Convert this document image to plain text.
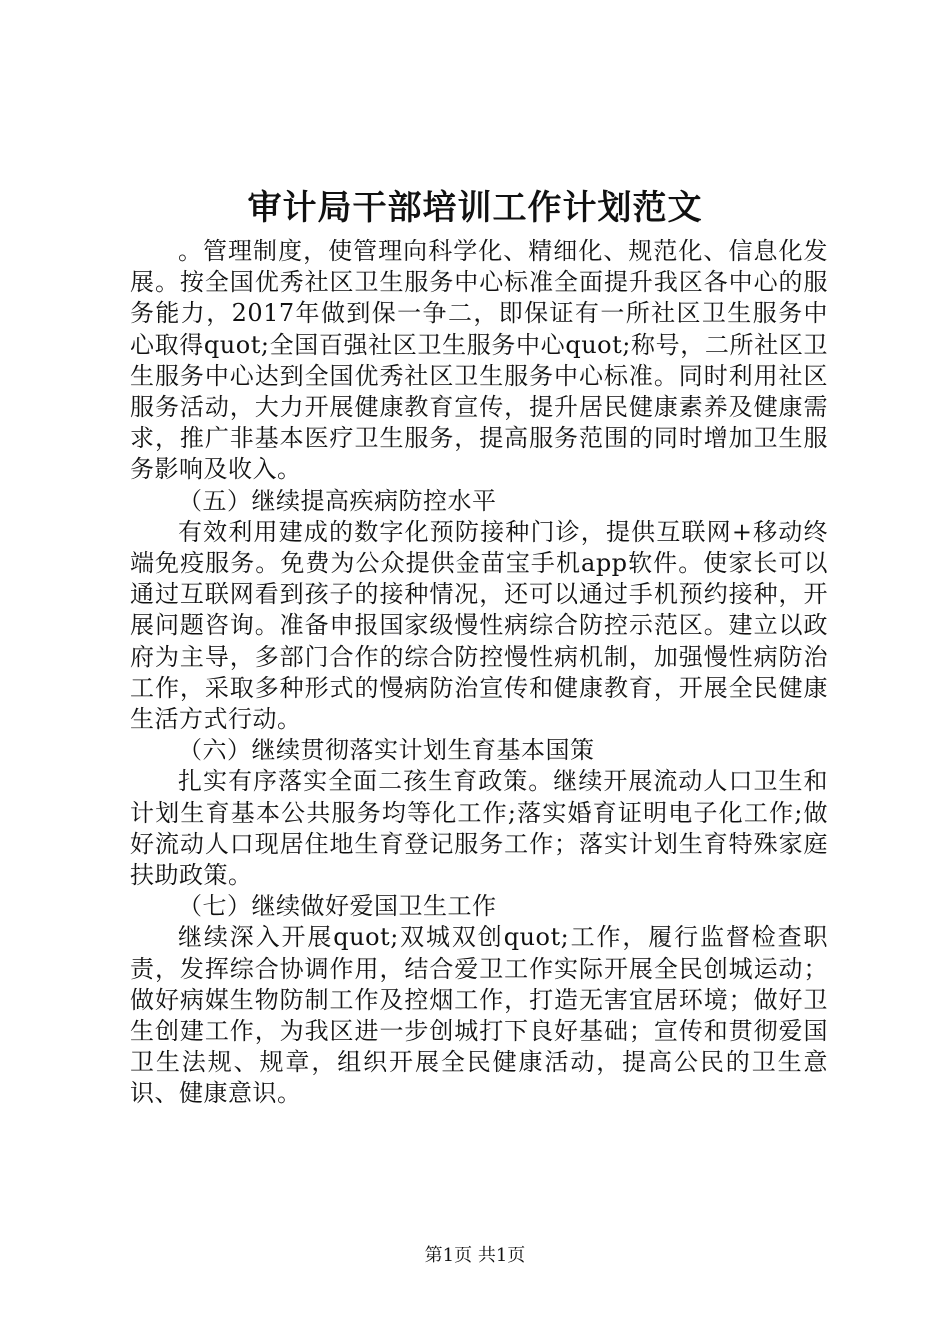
审计局干部培训工作计划范文

。管理制度，使管理向科学化、精细化、规范化、信息化发展。按全国优秀社区卫生服务中心标准全面提升我区各中心的服务能力，2017年做到保一争二，即保证有一所社区卫生服务中心取得quot;全国百强社区卫生服务中心quot;称号，二所社区卫生服务中心达到全国优秀社区卫生服务中心标准。同时利用社区服务活动，大力开展健康教育宣传，提升居民健康素养及健康需求，推广非基本医疗卫生服务，提高服务范围的同时增加卫生服务影响及收入。

（五）继续提高疾病防控水平

有效利用建成的数字化预防接种门诊，提供互联网+移动终端免疫服务。免费为公众提供金苗宝手机app软件。使家长可以通过互联网看到孩子的接种情况，还可以通过手机预约接种，开展问题咨询。准备申报国家级慢性病综合防控示范区。建立以政府为主导，多部门合作的综合防控慢性病机制，加强慢性病防治工作，采取多种形式的慢病防治宣传和健康教育，开展全民健康生活方式行动。

（六）继续贯彻落实计划生育基本国策

扎实有序落实全面二孩生育政策。继续开展流动人口卫生和计划生育基本公共服务均等化工作;落实婚育证明电子化工作;做好流动人口现居住地生育登记服务工作；落实计划生育特殊家庭扶助政策。

（七）继续做好爱国卫生工作

继续深入开展quot;双城双创quot;工作，履行监督检查职责，发挥综合协调作用，结合爱卫工作实际开展全民创城运动；做好病媒生物防制工作及控烟工作，打造无害宜居环境；做好卫生创建工作，为我区进一步创城打下良好基础；宣传和贯彻爱国卫生法规、规章，组织开展全民健康活动，提高公民的卫生意识、健康意识。

第1页 共1页
